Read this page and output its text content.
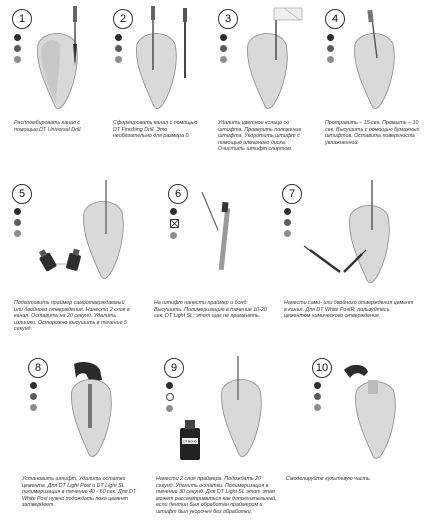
1
Распломбировать канал с помощью DT Universal Drill.
2
Сформировать канал с помощью DT Finishing Drill. Это необязательно для размера 0.
3
Удалить цветное кольцо со штифта. Проверить положение штифта. Укоротить штифт с помощью алмазного диска. Очистить штифт спиртом.
4
Протравить – 15 сек. Промыть – 10 сек. Высушить с помощью бумажных штифтов. Оставить поверхность увлажненной.
5
Подготовить праймер самоотверждаемый или двойного отверждения. Нанести 2 слоя в канал. Оставить на 20 секунд. Удалить излишки. Осторожно высушить в течение 5 секунд.
6
На штифт нанести праймер и бонд. Высушить. Полимеризацию в течение 10-20 сек. DT Light SL: этот шаг не применять.
7
Нанести само- или двойного отверждения цемент в канал. Для DT White PostR, пользуйтесь цементом химического отверждения.
8
Установить штифт. Удалить остатки цемента. Для DT Light Post и DT Light SL полимеризация в течение 40 - 60 сек. Для DT White Post нужно подождать пока цемент затвердеет.
9
DT BOND
Нанести 2 слоя праймера. Подождать 20 секунд. Удалить остатки. Полимеризация в течение 30 секунд. Для DT Light SL этот этап может рассматриваться как дополнительный, если дентин был обработан праймером и штифт был укорочен без обработки.
10
Смоделируйте культевую часть.
